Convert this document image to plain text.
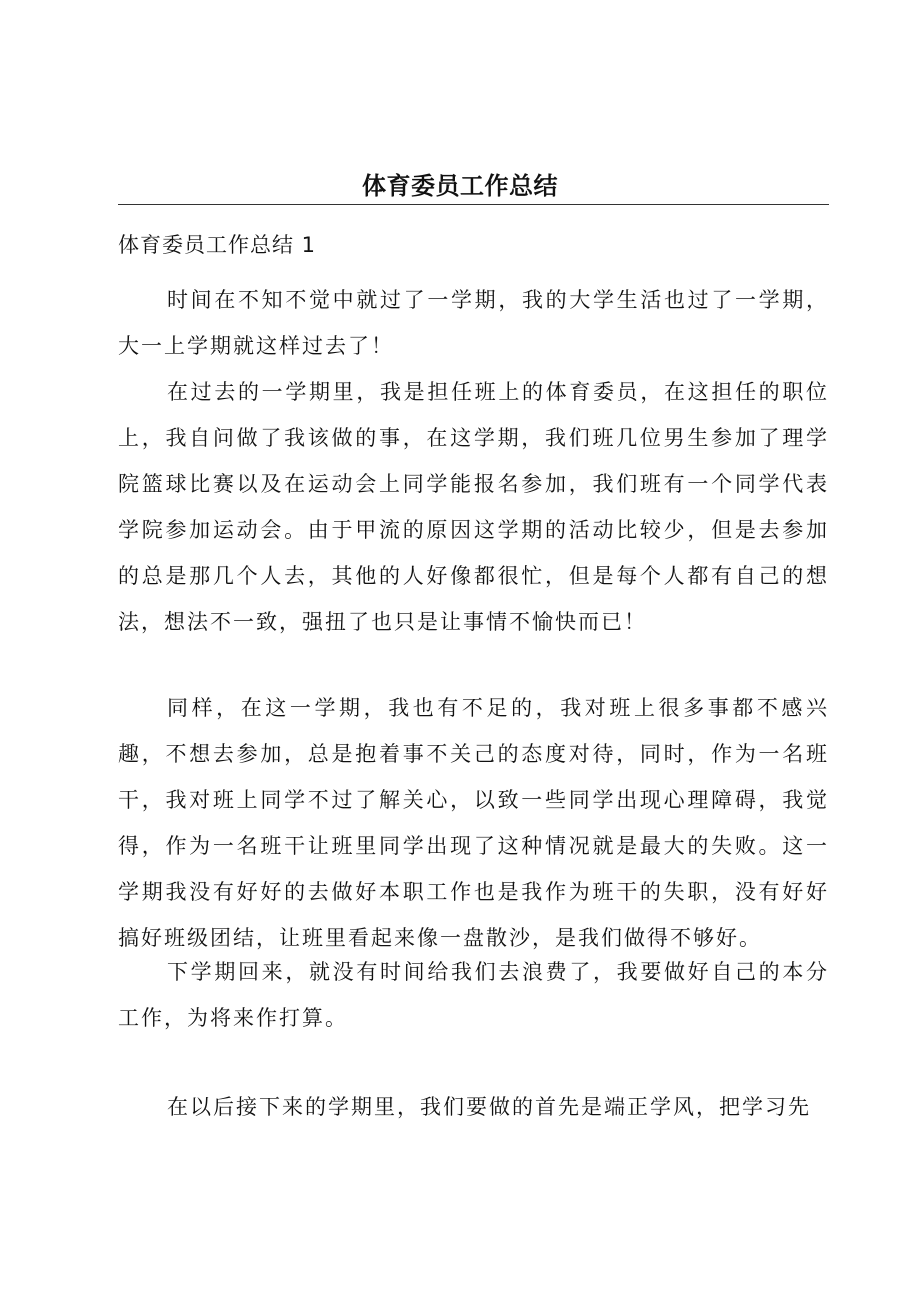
体育委员工作总结
体育委员工作总结 1

时间在不知不觉中就过了一学期，我的大学生活也过了一学期，大一上学期就这样过去了！

在过去的一学期里，我是担任班上的体育委员，在这担任的职位上，我自问做了我该做的事，在这学期，我们班几位男生参加了理学院篮球比赛以及在运动会上同学能报名参加，我们班有一个同学代表学院参加运动会。由于甲流的原因这学期的活动比较少，但是去参加的总是那几个人去，其他的人好像都很忙，但是每个人都有自己的想法，想法不一致，强扭了也只是让事情不愉快而已！

同样，在这一学期，我也有不足的，我对班上很多事都不感兴趣，不想去参加，总是抱着事不关己的态度对待，同时，作为一名班干，我对班上同学不过了解关心，以致一些同学出现心理障碍，我觉得，作为一名班干让班里同学出现了这种情况就是最大的失败。这一学期我没有好好的去做好本职工作也是我作为班干的失职，没有好好搞好班级团结，让班里看起来像一盘散沙，是我们做得不够好。

下学期回来，就没有时间给我们去浪费了，我要做好自己的本分工作，为将来作打算。

在以后接下来的学期里，我们要做的首先是端正学风，把学习先
